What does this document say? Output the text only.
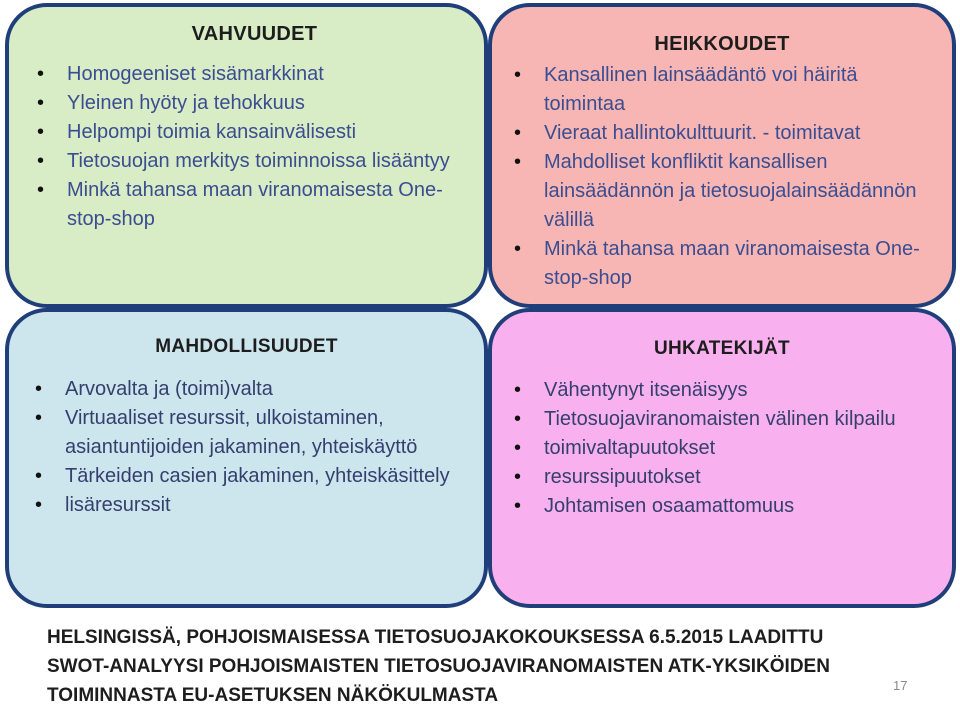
VAHVUUDET
• Homogeeniset sisämarkkinat
• Yleinen hyöty ja tehokkuus
• Helpompi toimia kansainvälisesti
• Tietosuojan merkitys toiminnoissa lisääntyy
• Minkä tahansa maan viranomaisesta One-stop-shop
HEIKKOUDET
• Kansallinen lainsäädäntö voi häiritä toimintaa
• Vieraat hallintokulttuurit. - toimitavat
• Mahdolliset konfliktit kansallisen lainsäädännön ja tietosuojalainsäädännön välillä
• Minkä tahansa maan viranomaisesta One-stop-shop
MAHDOLLISUUDET
• Arvovalta ja (toimi)valta
• Virtuaaliset resurssit, ulkoistaminen, asiantuntijoiden jakaminen, yhteiskäyttö
• Tärkeiden casien jakaminen, yhteiskäsittely
• lisäresurssit
UHKATEKIJÄT
• Vähentynyt itsenäisyys
• Tietosuojaviranomaisten välinen kilpailu
• toimivaltapuutokset
• resurssipuutokset
• Johtamisen osaamattomuus
HELSINGISSÄ, POHJOISMAISESSA TIETOSUOJAKOKOUKSESSA 6.5.2015 LAADITTU SWOT-ANALYYSI POHJOISMAISTEN TIETOSUOJAVIRANOMAISTEN ATK-YKSIKÖIDEN TOIMINNASTA EU-ASETUKSEN NÄKÖKULMASTA	17
